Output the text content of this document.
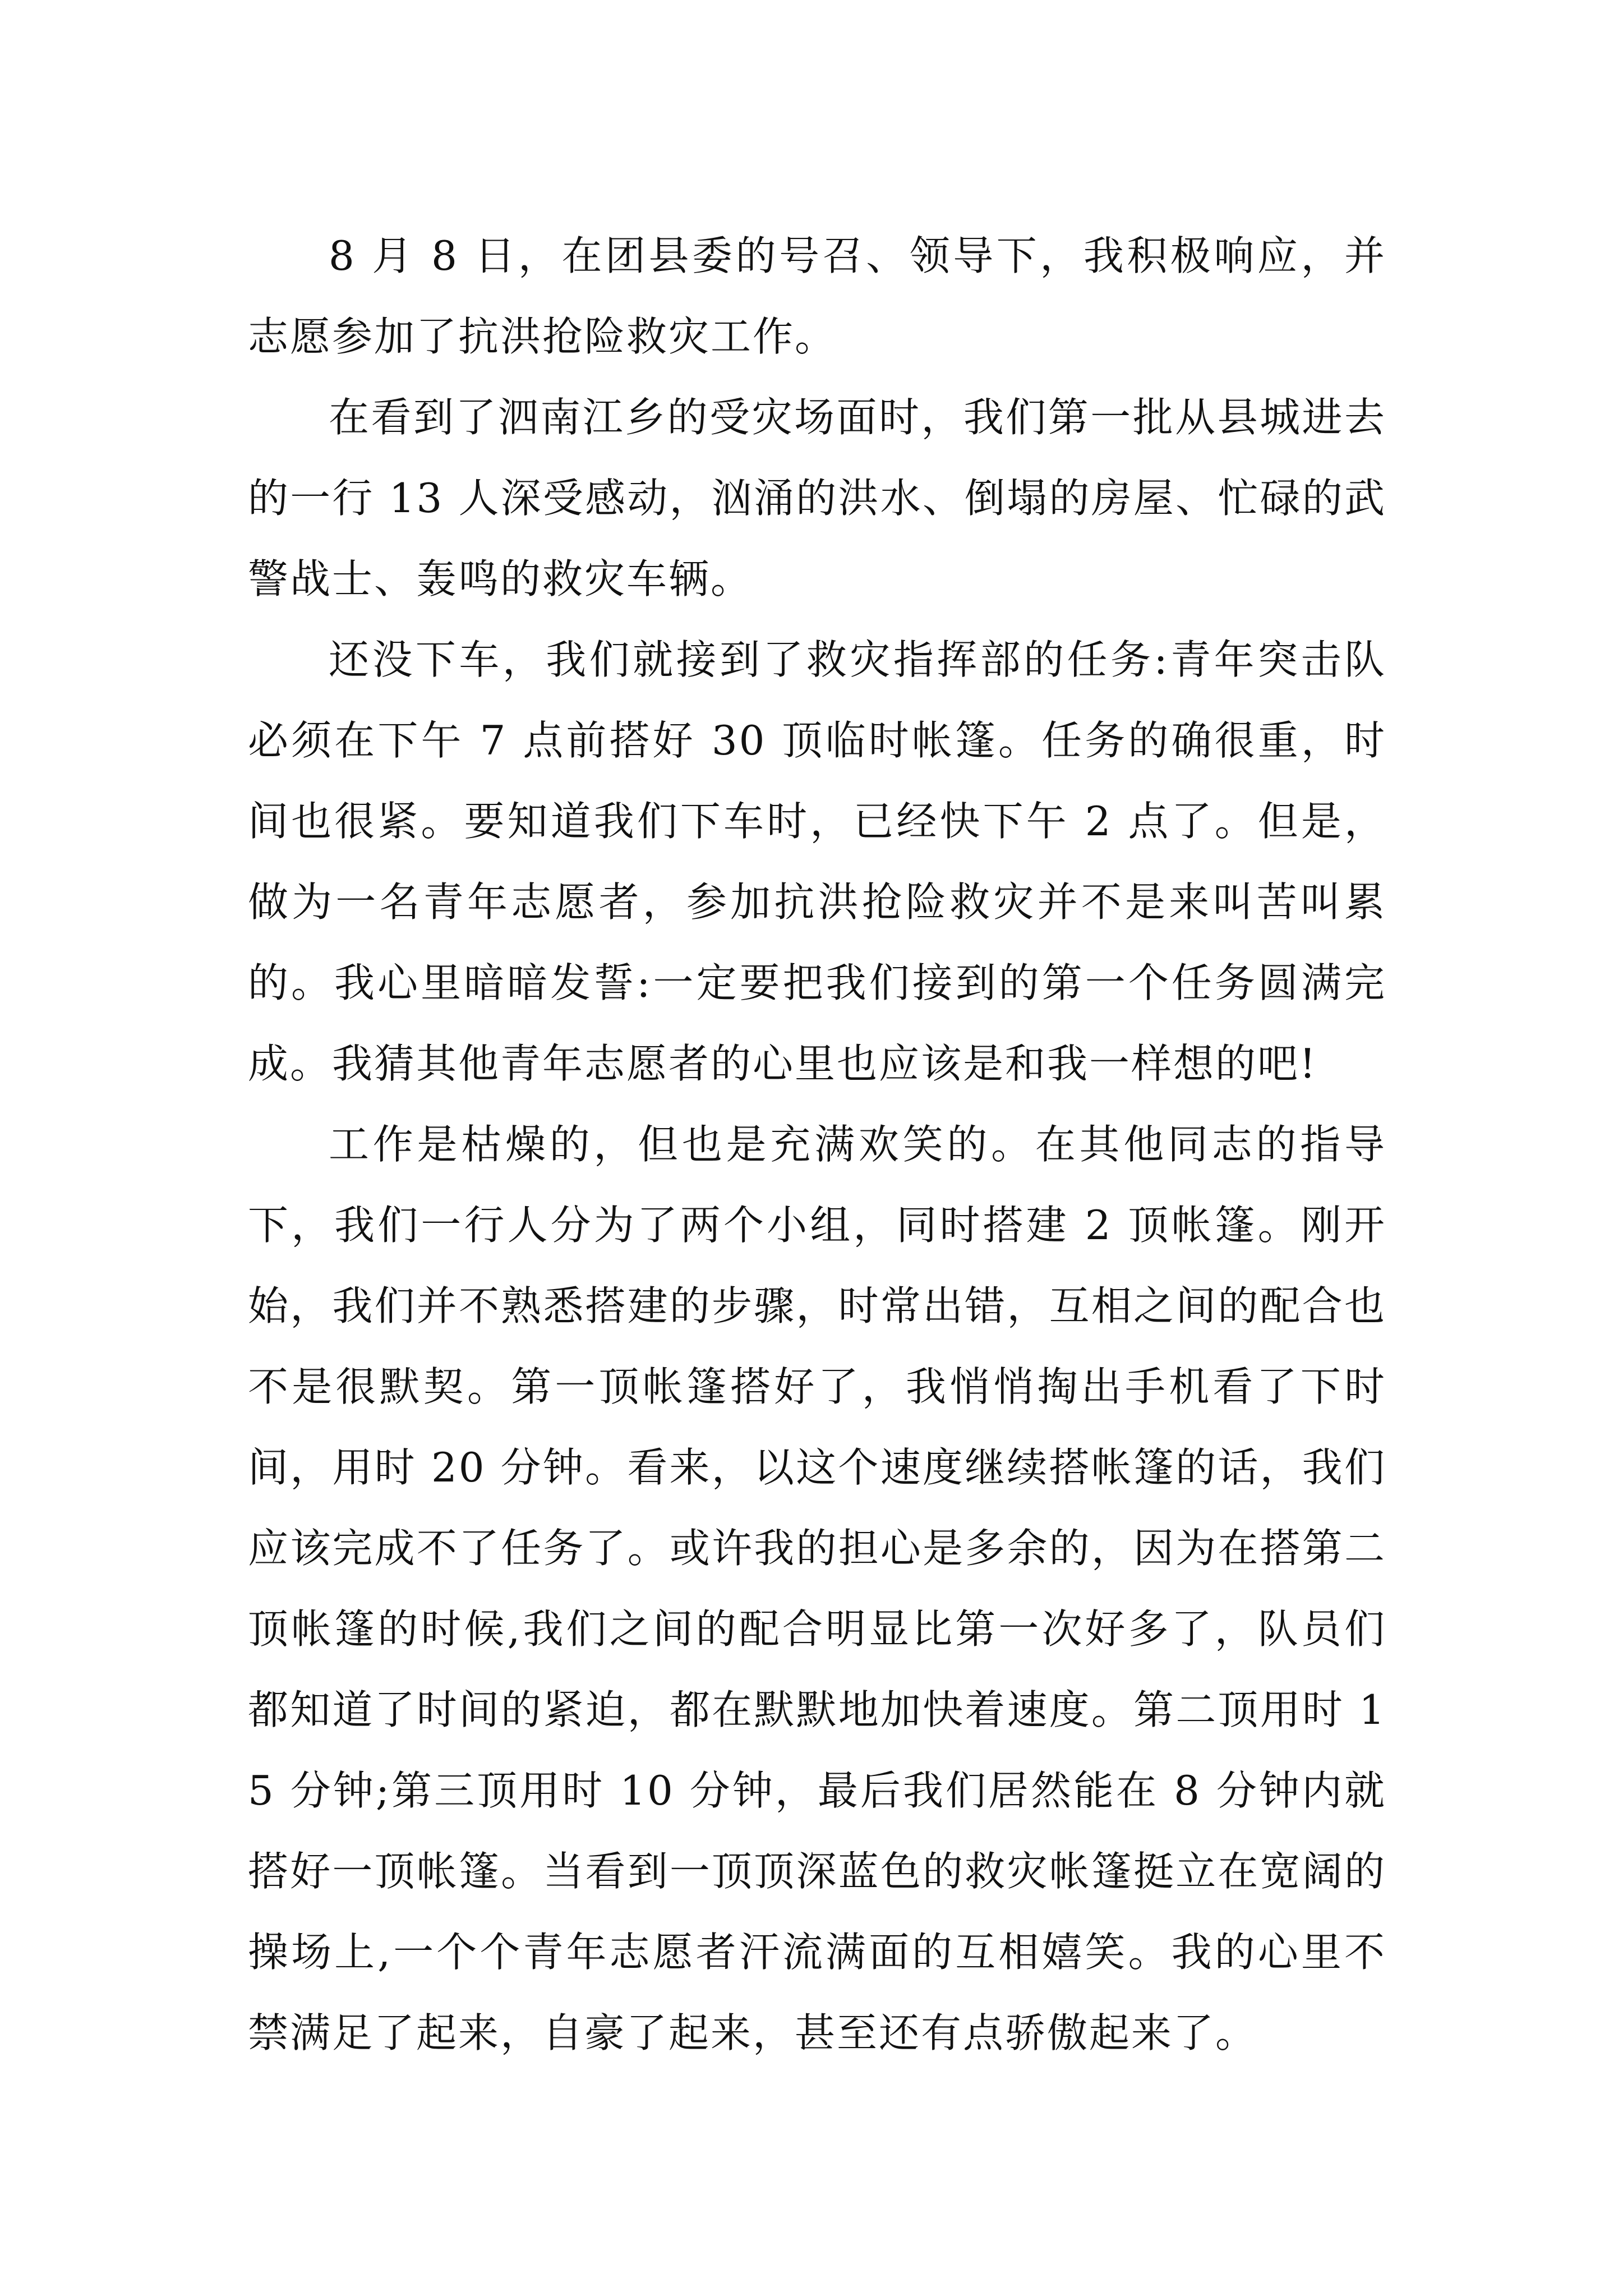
8 月 8 日，在团县委的号召、领导下，我积极响应，并志愿参加了抗洪抢险救灾工作。

在看到了泗南江乡的受灾场面时，我们第一批从县城进去的一行 13 人深受感动，汹涌的洪水、倒塌的房屋、忙碌的武警战士、轰鸣的救灾车辆。

还没下车，我们就接到了救灾指挥部的任务:青年突击队必须在下午 7 点前搭好 30 顶临时帐篷。任务的确很重，时间也很紧。要知道我们下车时，已经快下午 2 点了。但是，做为一名青年志愿者，参加抗洪抢险救灾并不是来叫苦叫累的。我心里暗暗发誓:一定要把我们接到的第一个任务圆满完成。我猜其他青年志愿者的心里也应该是和我一样想的吧!

工作是枯燥的，但也是充满欢笑的。在其他同志的指导下，我们一行人分为了两个小组，同时搭建 2 顶帐篷。刚开始，我们并不熟悉搭建的步骤，时常出错，互相之间的配合也不是很默契。第一顶帐篷搭好了，我悄悄掏出手机看了下时间，用时 20 分钟。看来，以这个速度继续搭帐篷的话，我们应该完成不了任务了。或许我的担心是多余的，因为在搭第二顶帐篷的时候,我们之间的配合明显比第一次好多了，队员们都知道了时间的紧迫，都在默默地加快着速度。第二顶用时 15 分钟;第三顶用时 10 分钟，最后我们居然能在 8 分钟内就搭好一顶帐篷。当看到一顶顶深蓝色的救灾帐篷挺立在宽阔的操场上,一个个青年志愿者汗流满面的互相嬉笑。我的心里不禁满足了起来，自豪了起来，甚至还有点骄傲起来了。
